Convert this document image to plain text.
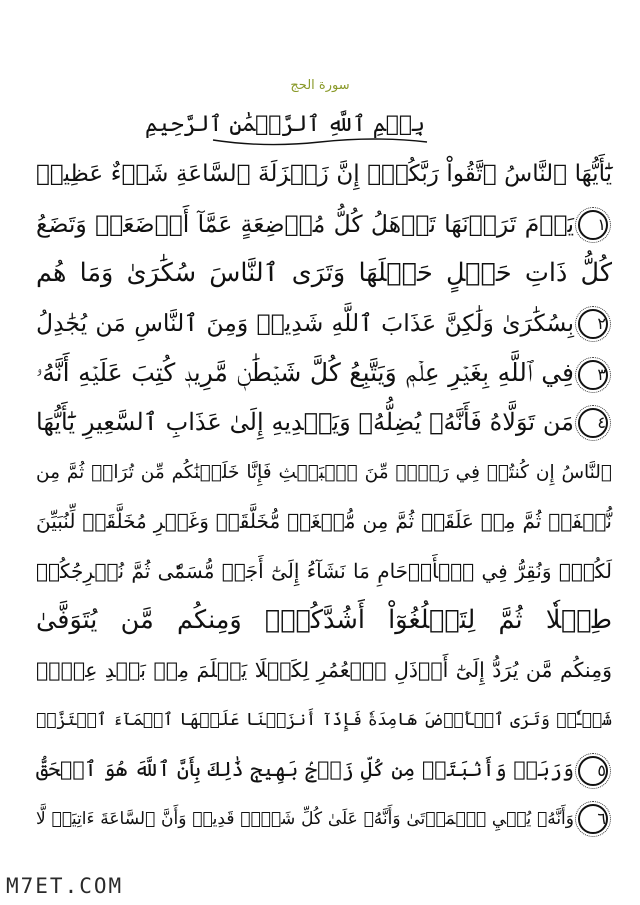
سورة الحج
بِسۡمِ ٱللَّهِ ٱلرَّحۡمَٰنِ ٱلرَّحِيمِ
يَٰٓأَيُّهَا ٱلنَّاسُ ٱتَّقُواْ رَبَّكُمۡۚ إِنَّ زَلۡزَلَةَ ٱلسَّاعَةِ شَيۡءٌ عَظِيمٞ
١يَوۡمَ تَرَوۡنَهَا تَذۡهَلُ كُلُّ مُرۡضِعَةٍ عَمَّآ أَرۡضَعَتۡ وَتَضَعُ
كُلُّ ذَاتِ حَمۡلٍ حَمۡلَهَا وَتَرَى ٱلنَّاسَ سُكَٰرَىٰ وَمَا هُم
٢بِسُكَٰرَىٰ وَلَٰكِنَّ عَذَابَ ٱللَّهِ شَدِيدٞ وَمِنَ ٱلنَّاسِ مَن يُجَٰدِلُ
٣فِي ٱللَّهِ بِغَيۡرِ عِلۡمٖ وَيَتَّبِعُ كُلَّ شَيۡطَٰنٖ مَّرِيدٖ كُتِبَ عَلَيۡهِ أَنَّهُۥ
٤مَن تَوَلَّاهُ فَأَنَّهُۥ يُضِلُّهُۥ وَيَهۡدِيهِ إِلَىٰ عَذَابِ ٱلسَّعِيرِ يَٰٓأَيُّهَا
ٱلنَّاسُ إِن كُنتُمۡ فِي رَيۡبٖ مِّنَ ٱلۡبَعۡثِ فَإِنَّا خَلَقۡنَٰكُم مِّن تُرَابٖ ثُمَّ مِن
نُّطۡفَةٖ ثُمَّ مِنۡ عَلَقَةٖ ثُمَّ مِن مُّضۡغَةٖ مُّخَلَّقَةٖ وَغَيۡرِ مُخَلَّقَةٖ لِّنُبَيِّنَ
لَكُمۡۚ وَنُقِرُّ فِي ٱلۡأَرۡحَامِ مَا نَشَآءُ إِلَىٰٓ أَجَلٖ مُّسَمّٗى ثُمَّ نُخۡرِجُكُمۡ
طِفۡلٗا ثُمَّ لِتَبۡلُغُوٓاْ أَشُدَّكُمۡۖ وَمِنكُم مَّن يُتَوَفَّىٰ
وَمِنكُم مَّن يُرَدُّ إِلَىٰٓ أَرۡذَلِ ٱلۡعُمُرِ لِكَيۡلَا يَعۡلَمَ مِنۢ بَعۡدِ عِلۡمٖ
شَيۡـٔٗاۚ وَتَرَى ٱلۡأَرۡضَ هَامِدَةٗ فَإِذَآ أَنزَلۡنَا عَلَيۡهَا ٱلۡمَآءَ ٱهۡتَزَّتۡ
٥وَرَبَتۡ وَأَنۢبَتَتۡ مِن كُلِّ زَوۡجِۢ بَهِيجٖ ذَٰلِكَ بِأَنَّ ٱللَّهَ هُوَ ٱلۡحَقُّ
٦وَأَنَّهُۥ يُحۡيِ ٱلۡمَوۡتَىٰ وَأَنَّهُۥ عَلَىٰ كُلِّ شَيۡءٖ قَدِيرٞ وَأَنَّ ٱلسَّاعَةَ ءَاتِيَةٞ لَّا
M7ET.COM
